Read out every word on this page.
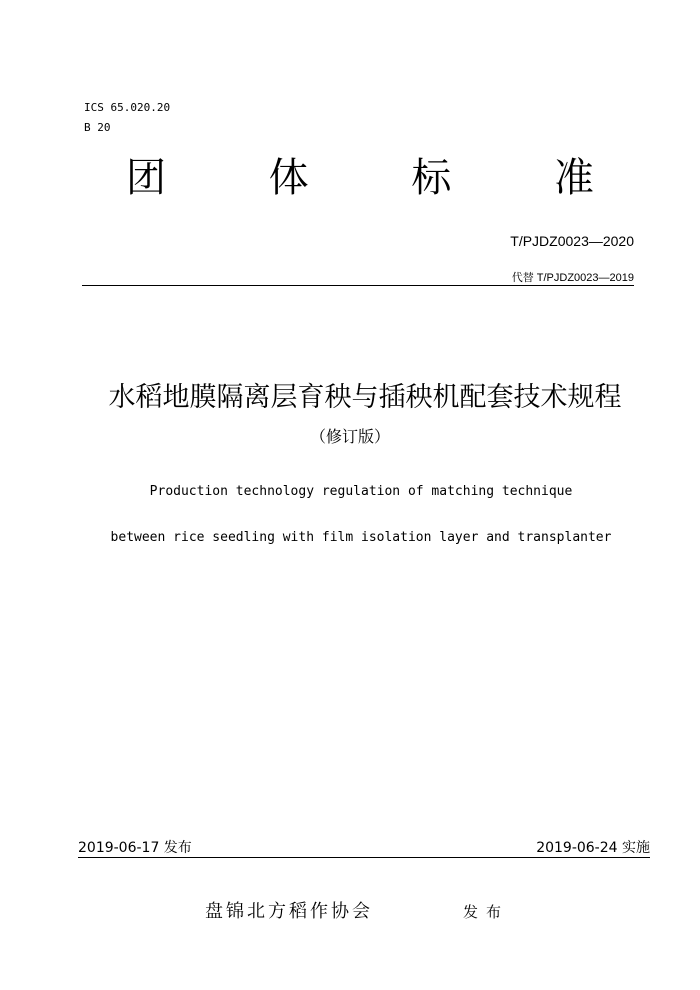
ICS 65.020.20
B 20
团	体	标	准
T/PJDZ0023—2020
代替 T/PJDZ0023—2019
水稻地膜隔离层育秧与插秧机配套技术规程
（修订版）
Production technology regulation of matching technique
between rice seedling with film isolation layer and transplanter
2019-06-17 发布	2019-06-24 实施
盘锦北方稻作协会	发布
